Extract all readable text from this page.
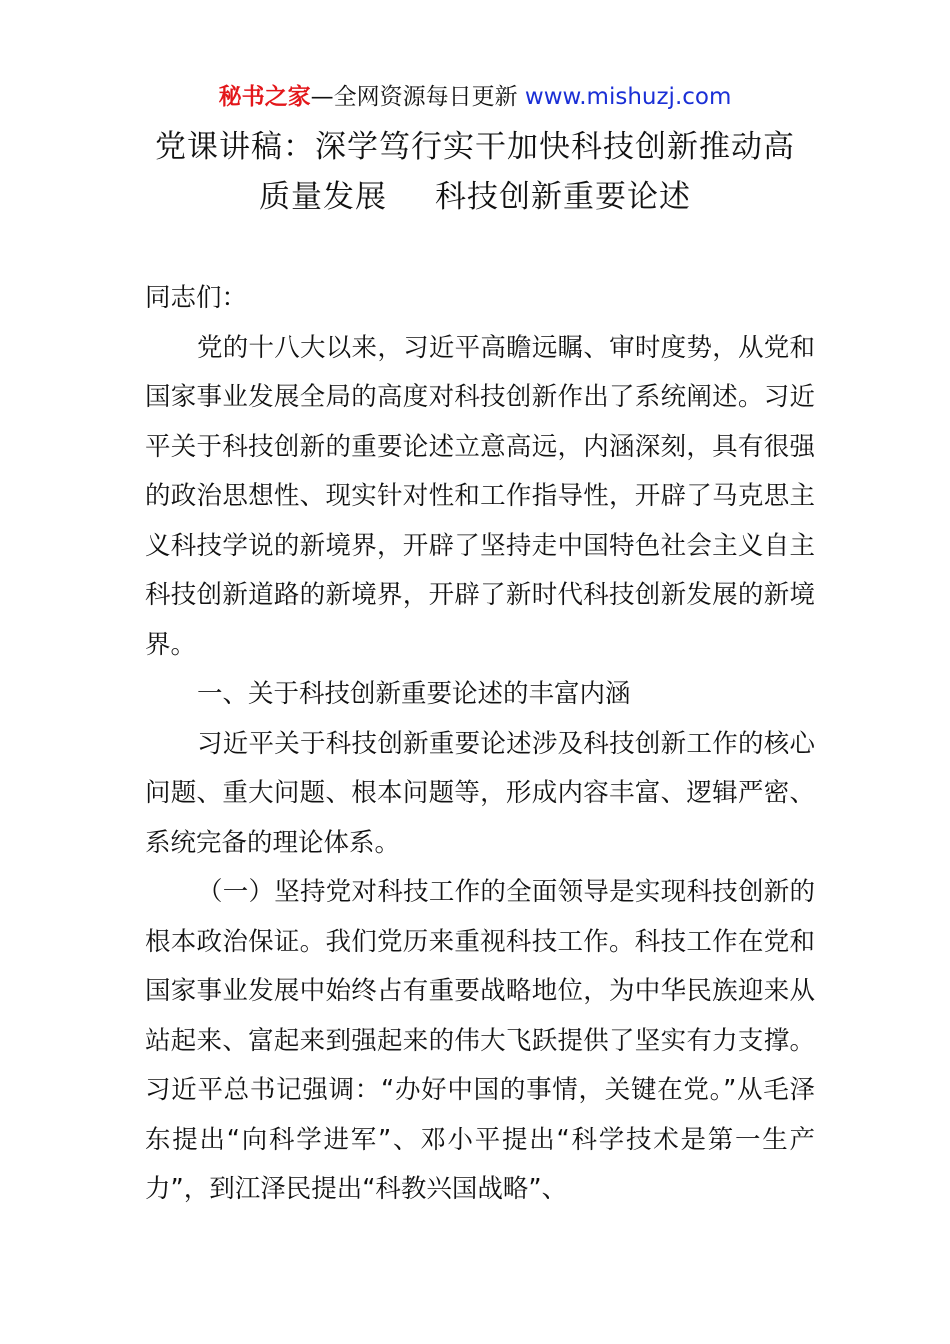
秘书之家—全网资源每日更新 www.mishuzj.com
党课讲稿：深学笃行实干加快科技创新推动高
质量发展 科技创新重要论述

同志们：

党的十八大以来，习近平高瞻远瞩、审时度势，从党和国家事业发展全局的高度对科技创新作出了系统阐述。习近平关于科技创新的重要论述立意高远，内涵深刻，具有很强的政治思想性、现实针对性和工作指导性，开辟了马克思主义科技学说的新境界，开辟了坚持走中国特色社会主义自主科技创新道路的新境界，开辟了新时代科技创新发展的新境界。

一、关于科技创新重要论述的丰富内涵

习近平关于科技创新重要论述涉及科技创新工作的核心问题、重大问题、根本问题等，形成内容丰富、逻辑严密、系统完备的理论体系。

（一）坚持党对科技工作的全面领导是实现科技创新的根本政治保证。我们党历来重视科技工作。科技工作在党和国家事业发展中始终占有重要战略地位，为中华民族迎来从站起来、富起来到强起来的伟大飞跃提供了坚实有力支撑。习近平总书记强调：“办好中国的事情，关键在党。”从毛泽东提出“向科学进军”、邓小平提出“科学技术是第一生产力”，到江泽民提出“科教兴国战略”、
